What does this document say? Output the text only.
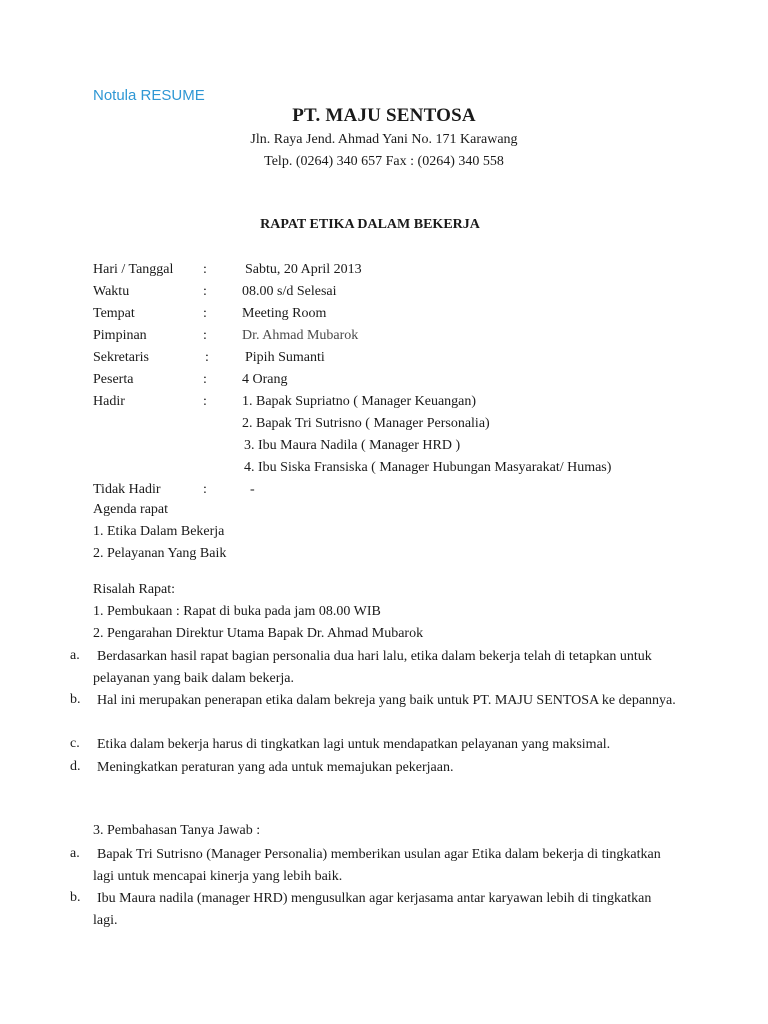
Notula RESUME
PT. MAJU SENTOSA
Jln. Raya Jend. Ahmad Yani No. 171 Karawang
Telp. (0264) 340 657 Fax : (0264) 340 558
RAPAT ETIKA DALAM BEKERJA
Hari / Tanggal :	Sabtu, 20 April 2013
Waktu	:	08.00 s/d Selesai
Tempat	:	Meeting Room
Pimpinan	:	Dr. Ahmad Mubarok
Sekretaris	:	Pipih Sumanti
Peserta	:	4 Orang
Hadir	:	1. Bapak Supriatno ( Manager Keuangan)
2. Bapak Tri Sutrisno ( Manager Personalia)
3. Ibu Maura Nadila ( Manager HRD )
4. Ibu Siska Fransiska ( Manager Hubungan Masyarakat/ Humas)
Tidak Hadir	:	-
Agenda rapat
1. Etika Dalam Bekerja
2. Pelayanan Yang Baik
Risalah Rapat:
1. Pembukaan : Rapat di buka pada jam 08.00 WIB
2. Pengarahan Direktur Utama Bapak Dr. Ahmad Mubarok
a. Berdasarkan hasil rapat bagian personalia dua hari lalu, etika dalam bekerja telah di tetapkan untuk pelayanan yang baik dalam bekerja.
b. Hal ini merupakan penerapan etika dalam bekreja yang baik untuk PT. MAJU SENTOSA ke depannya.
c. Etika dalam bekerja harus di tingkatkan lagi untuk mendapatkan pelayanan yang maksimal.
d. Meningkatkan peraturan yang ada untuk memajukan pekerjaan.
3. Pembahasan Tanya Jawab :
a. Bapak Tri Sutrisno (Manager Personalia) memberikan usulan agar Etika dalam bekerja di tingkatkan lagi untuk mencapai kinerja yang lebih baik.
b. Ibu Maura nadila (manager HRD) mengusulkan agar kerjasama antar karyawan lebih di tingkatkan lagi.
